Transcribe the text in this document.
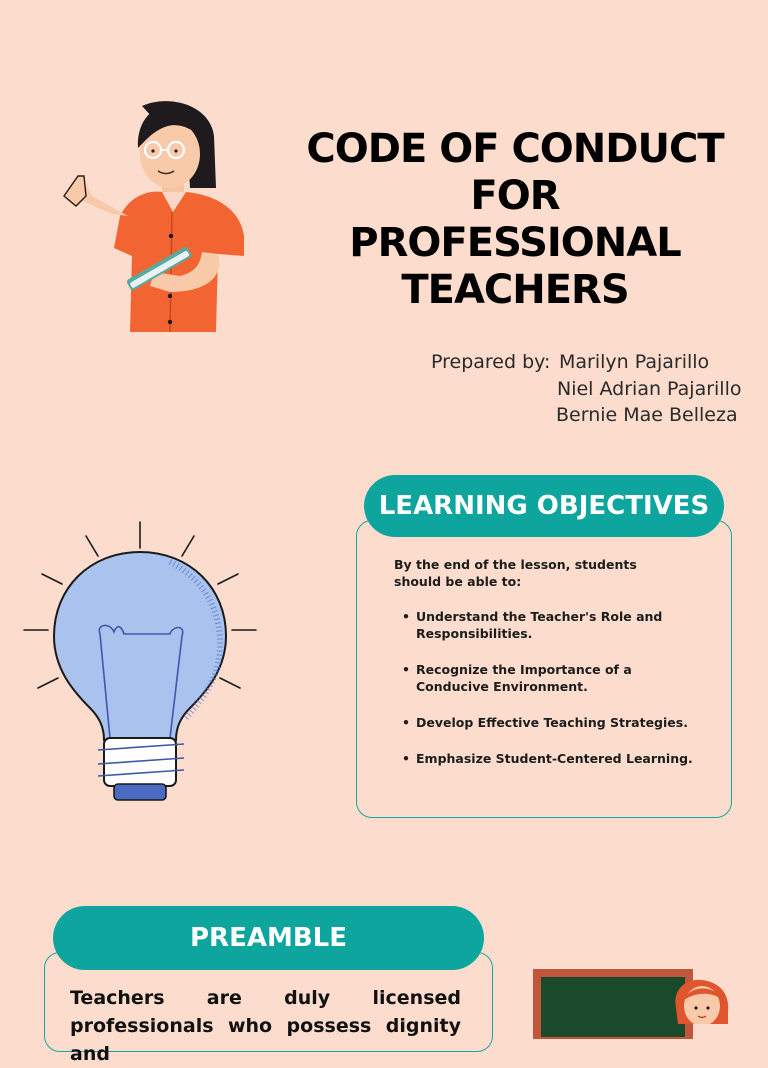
CODE OF CONDUCT
FOR PROFESSIONAL
TEACHERS
Prepared by: Marilyn Pajarillo
Niel Adrian Pajarillo
Bernie Mae Belleza
LEARNING OBJECTIVES
By the end of the lesson, students should be able to:
• Understand the Teacher's Role and Responsibilities.
• Recognize the Importance of a Conducive Environment.
• Develop Effective Teaching Strategies.
• Emphasize Student-Centered Learning.
PREAMBLE
Teachers are duly licensed professionals who possess dignity and
